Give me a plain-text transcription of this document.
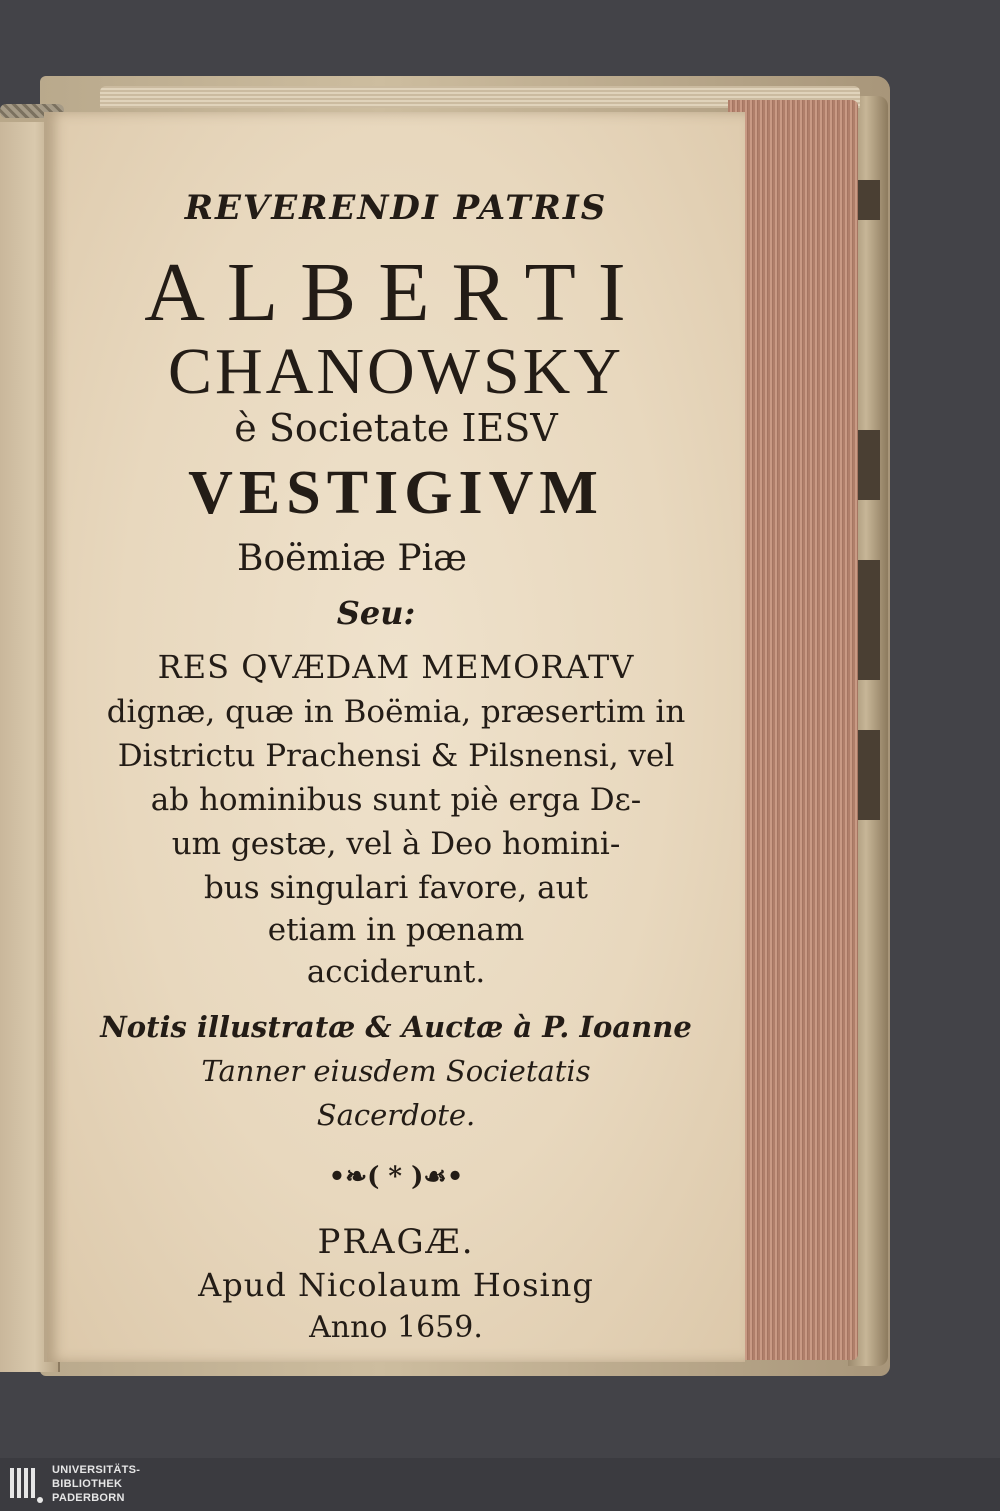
REVERENDI PATRIS
ALBERTI
CHANOWSKY
è Societate IESV
VESTIGIVM
Boëmiæ Piæ
Seu:
RES QVÆDAM MEMORATV
dignæ, quæ in Boëmia, præsertim in
Districtu Prachensi & Pilsnensi, vel
ab hominibus sunt piè erga Dε-
um gestæ, vel à Deo homini-
bus singulari favore, aut
etiam in pœnam
acciderunt.
Notis illustratæ & Auctæ à P. Ioanne
Tanner eiusdem Societatis
Sacerdote.
•❧( * )☙•
PRAGÆ.
Apud Nicolaum Hosing
Anno 1659.
UNIVERSITÄTS-
BIBLIOTHEK
PADERBORN
